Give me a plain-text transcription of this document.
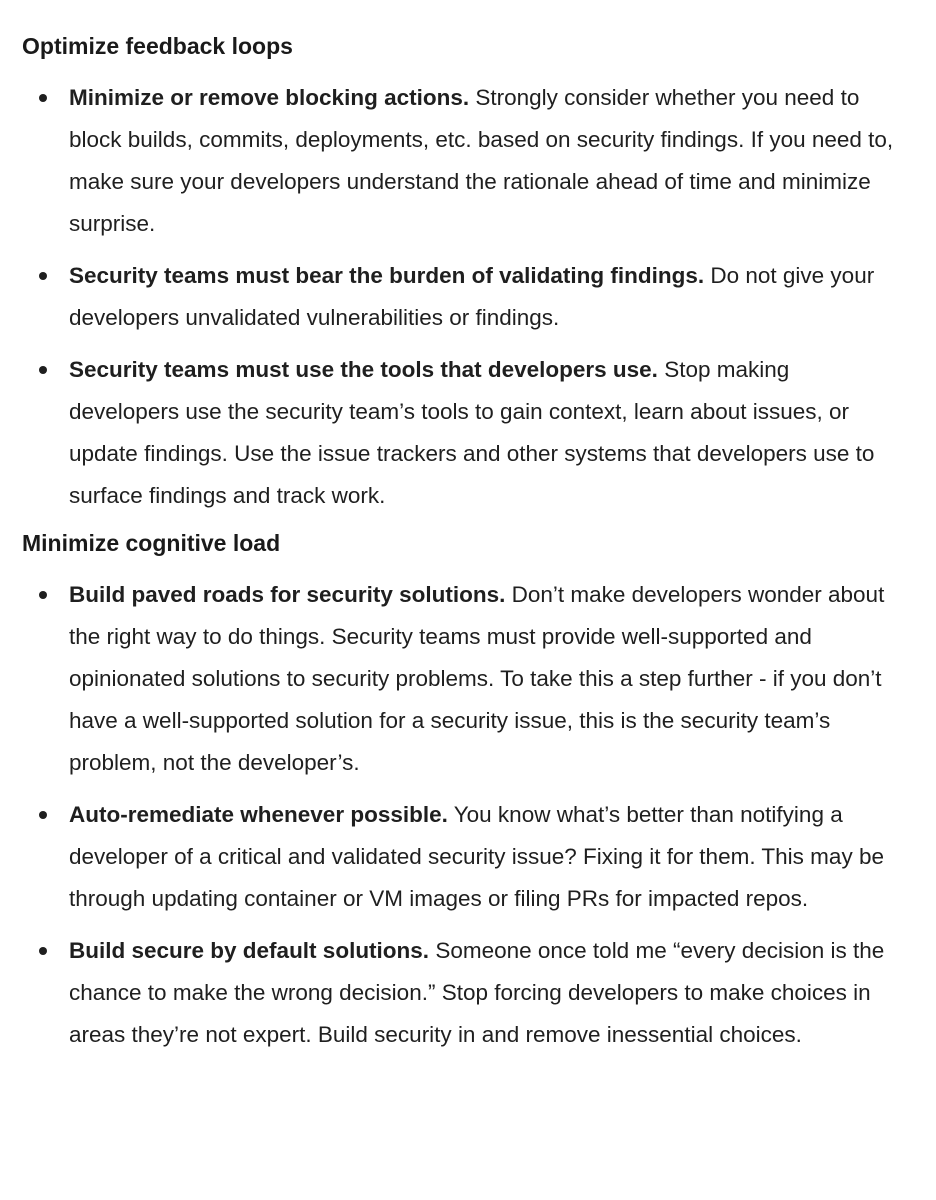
Optimize feedback loops
Minimize or remove blocking actions. Strongly consider whether you need to block builds, commits, deployments, etc. based on security findings. If you need to, make sure your developers understand the rationale ahead of time and minimize surprise.
Security teams must bear the burden of validating findings. Do not give your developers unvalidated vulnerabilities or findings.
Security teams must use the tools that developers use. Stop making developers use the security team’s tools to gain context, learn about issues, or update findings. Use the issue trackers and other systems that developers use to surface findings and track work.
Minimize cognitive load
Build paved roads for security solutions. Don’t make developers wonder about the right way to do things. Security teams must provide well-supported and opinionated solutions to security problems. To take this a step further - if you don’t have a well-supported solution for a security issue, this is the security team’s problem, not the developer’s.
Auto-remediate whenever possible. You know what’s better than notifying a developer of a critical and validated security issue? Fixing it for them. This may be through updating container or VM images or filing PRs for impacted repos.
Build secure by default solutions. Someone once told me “every decision is the chance to make the wrong decision.” Stop forcing developers to make choices in areas they’re not expert. Build security in and remove inessential choices.
